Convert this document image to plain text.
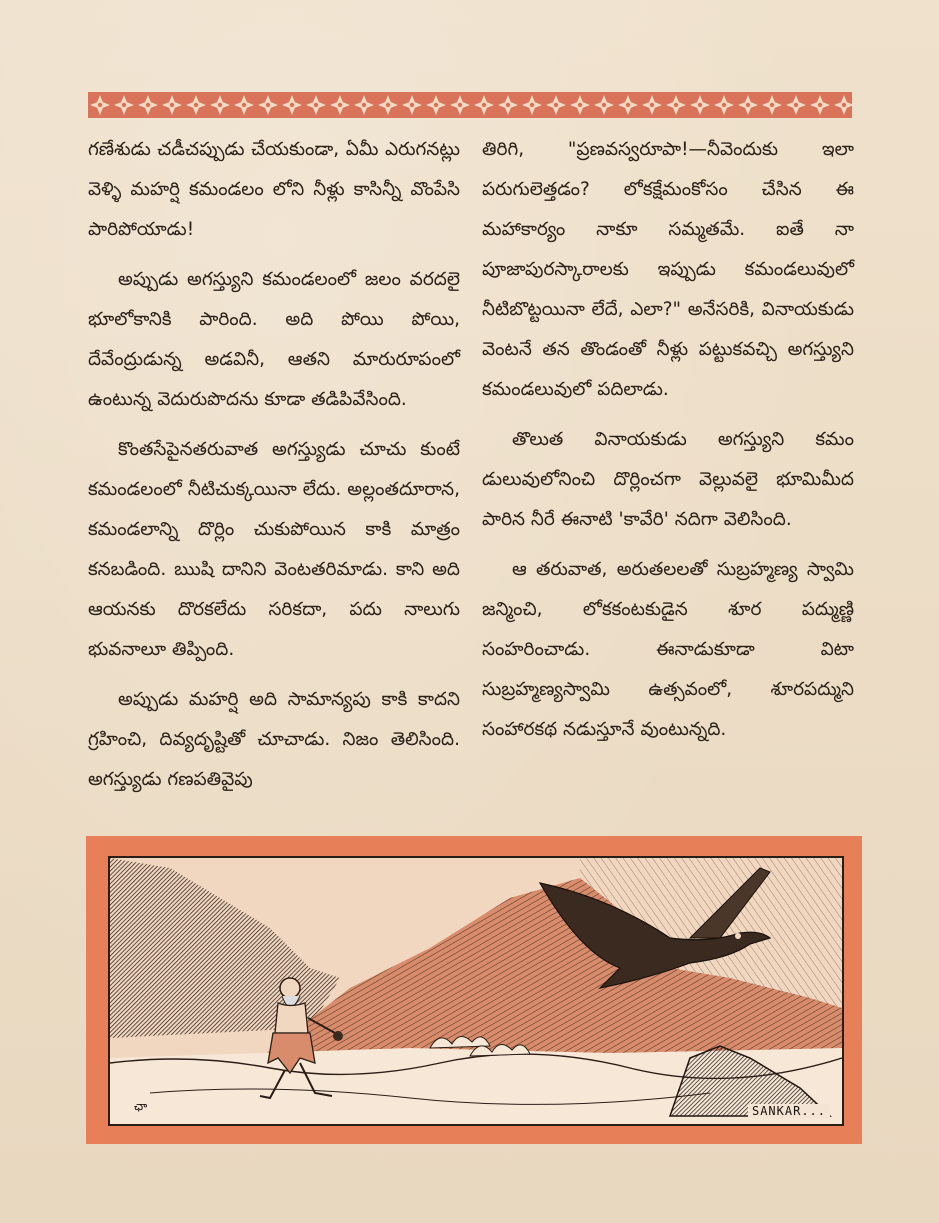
గణేశుడు చడీచప్పుడు చేయకుండా, ఏమీ ఎరుగనట్లు వెళ్ళి మహర్షి కమండలం లోని నీళ్లు కాసిన్నీ వొంపేసి పారిపోయాడు!

అప్పుడు అగస్త్యుని కమండలంలో జలం వరదలై భూలోకానికి పారింది. అది పోయి పోయి, దేవేంద్రుడున్న అడవినీ, ఆతని మారురూపంలో ఉంటున్న వెదురుపొదను కూడా తడిపివేసింది.

కొంతసేపైనతరువాత అగస్త్యుడు చూచు కుంటే కమండలంలో నీటిచుక్కయినా లేదు. అల్లంతదూరాన, కమండలాన్ని దొర్లిం చుకుపోయిన కాకి మాత్రం కనబడింది. ఋషి దానిని వెంటతరిమాడు. కాని అది ఆయనకు దొరకలేదు సరికదా, పదు నాలుగు భువనాలూ తిప్పింది.

అప్పుడు మహర్షి అది సామాన్యపు కాకి కాదని గ్రహించి, దివ్యదృష్టితో చూచాడు. నిజం తెలిసింది. అగస్త్యుడు గణపతివైపు

తిరిగి, "ప్రణవస్వరూపా!—నీవెందుకు ఇలా పరుగులెత్తడం? లోకక్షేమంకోసం చేసిన ఈ మహాకార్యం నాకూ సమ్మతమే. ఐతే నా పూజాపురస్కారాలకు ఇప్పుడు కమండలువులో నీటిబొట్టయినా లేదే, ఎలా?" అనేసరికి, వినాయకుడు వెంటనే తన తొండంతో నీళ్లు పట్టుకవచ్చి అగస్త్యుని కమండలువులో పదిలాడు.

తొలుత వినాయకుడు అగస్త్యుని కమం డులువులోనించి దొర్లించగా వెల్లువలై భూమిమీద పారిన నీరే ఈనాటి 'కావేరి' నదిగా వెలిసింది.

ఆ తరువాత, అరుతలలతో సుబ్రహ్మణ్య స్వామి జన్మించి, లోకకంటకుడైన శూర పద్ముణ్ణి సంహరించాడు. ఈనాడుకూడా విటా సుబ్రహ్మణ్యస్వామి ఉత్సవంలో, శూరపద్ముని సంహారకథ నడుస్తూనే వుంటున్నది.

ఛా	SANKAR...
